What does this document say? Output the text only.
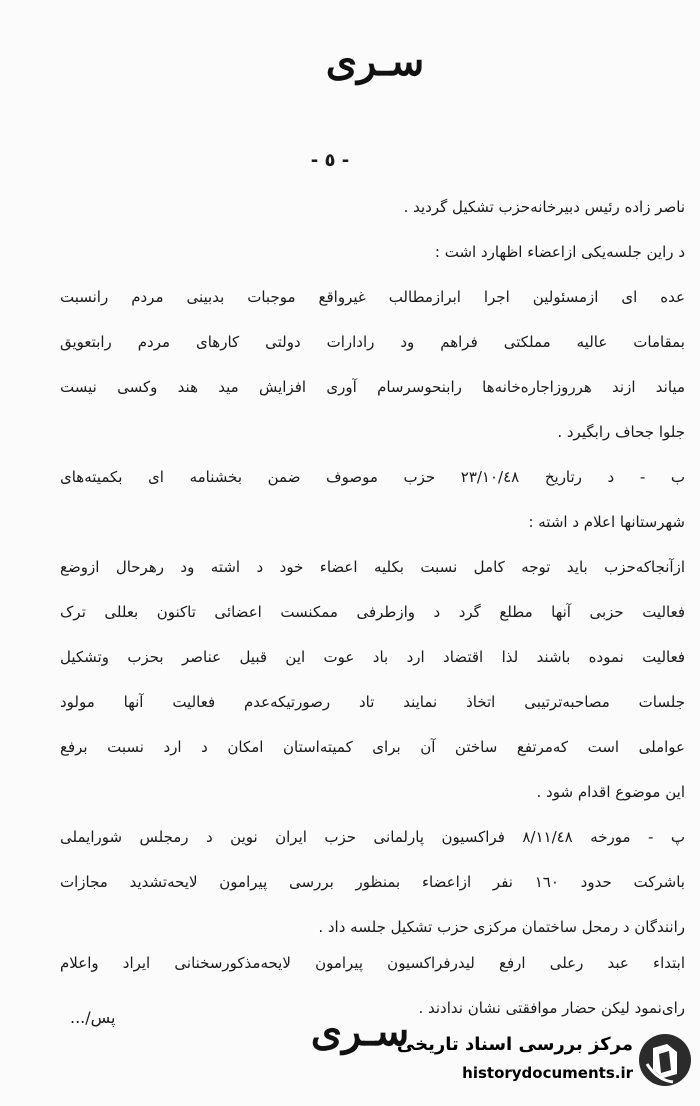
سـری
- ٥ -
ناصر زاده رئیس دبیرخانه‌حزب تشکیل گردید .
د راین جلسه‌یکی ازاعضاء اظهارد اشت :
عده ای ازمسئولین اجرا ابرازمطالب غیرواقع موجبات بدبینی مردم رانسبت
بمقامات عالیه مملکتی فراهم ود رادارات دولتی کارهای مردم رابتعویق
میاند ازند هرروزاجاره‌خانه‌ها رابنحوسرسام آوری افزایش مید هند وکسی نیست
جلوا جحاف رابگیرد .
ب - د رتاریخ ٢٣/١٠/٤٨ حزب موصوف ضمن بخشنامه ای بکمیته‌های
شهرستانها اعلام د اشته :
ازآنجاکه‌حزب باید توجه کامل نسبت بکلیه اعضاء خود د اشته ود رهرحال ازوضع
فعالیت حزبی آنها مطلع گرد د وازطرفی ممکنست اعضائی تاکنون بعللی ترک
فعالیت نموده باشند لذا اقتضاد ارد باد عوت این قبیل عناصر بحزب وتشکیل
جلسات مصاحبه‌ترتیبی اتخاذ نمایند تاد رصورتیکه‌عدم فعالیت آنها مولود
عواملی است که‌مرتفع ساختن آن برای کمیته‌استان امکان د ارد نسبت برفع
این موضوع اقدام شود .
پ - مورخه ٨/١١/٤٨ فراکسیون پارلمانی حزب ایران نوین د رمجلس شورایملی
باشرکت حدود ١٦٠ نفر ازاعضاء بمنظور بررسی پیرامون لایحه‌تشدید مجازات
رانندگان د رمحل ساختمان مرکزی حزب تشکیل جلسه داد .
ابتداء عبد رعلی ارفع لیدرفراکسیون پیرامون لایحه‌مذکورسخنانی ایراد واعلام
رای‌نمود لیکن حضار موافقتی نشان ندادند .
پس/...	سـری
مرکز بررسی اسناد تاریخی
historydocuments.ir
